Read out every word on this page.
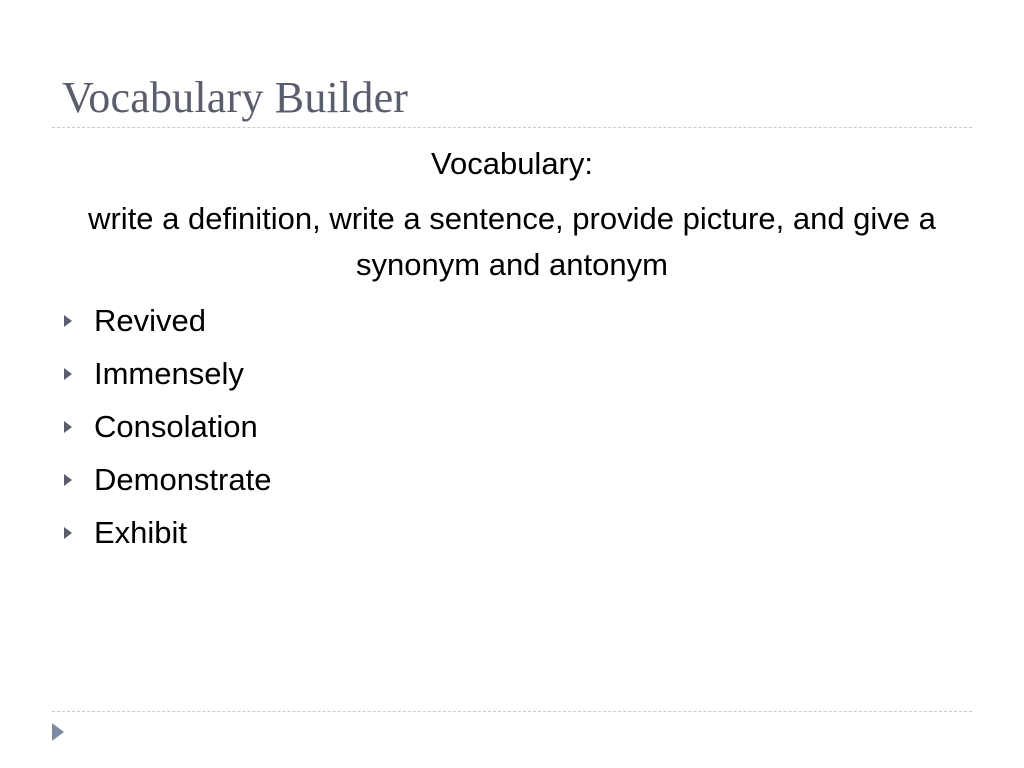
Vocabulary Builder

Vocabulary:

write a definition, write a sentence, provide picture, and give a synonym and antonym

Revived
Immensely
Consolation
Demonstrate
Exhibit
